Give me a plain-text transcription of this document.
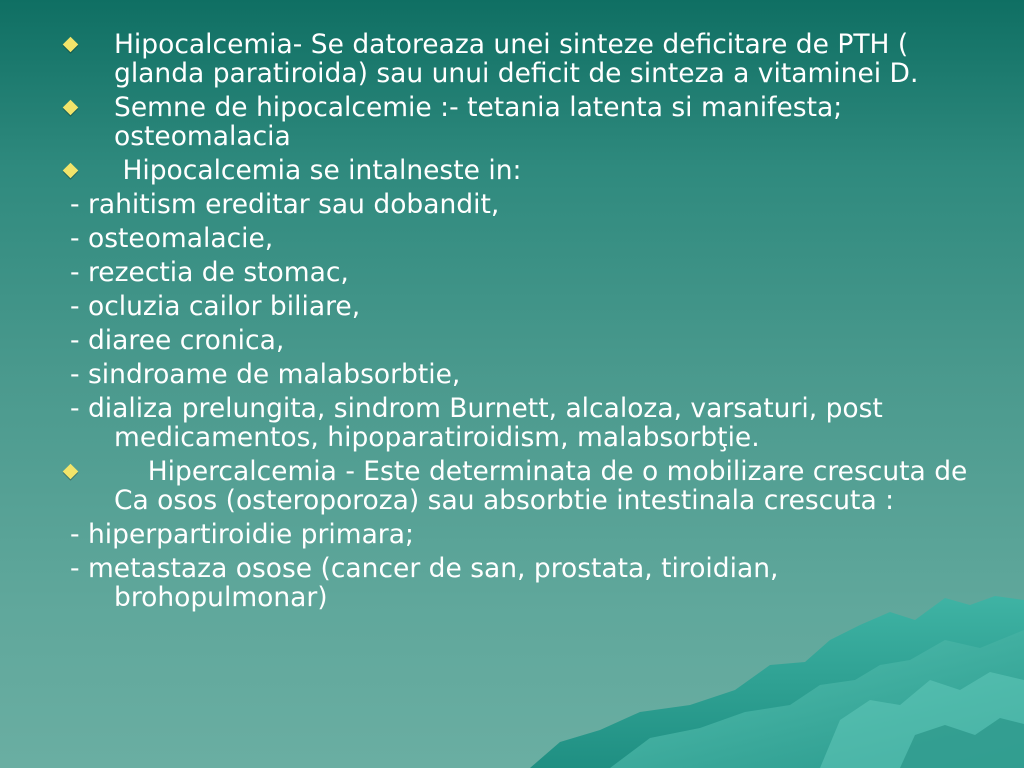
Hipocalcemia- Se datoreaza unei sinteze deficitare de PTH ( glanda paratiroida) sau unui deficit de sinteza a vitaminei D.
Semne de hipocalcemie :- tetania latenta si manifesta; osteomalacia
Hipocalcemia se intalneste in:
- rahitism ereditar sau dobandit,
- osteomalacie,
- rezectia de stomac,
- ocluzia cailor biliare,
- diaree cronica,
- sindroame de malabsorbtie,
- dializa prelungita, sindrom Burnett, alcaloza, varsaturi, post medicamentos, hipoparatiroidism, malabsorbţie.
Hipercalcemia - Este determinata de o mobilizare crescuta de Ca osos (osteroporoza) sau absorbtie intestinala crescuta :
- hiperpartiroidie primara;
- metastaza osose (cancer de san, prostata, tiroidian, brohopulmonar)
